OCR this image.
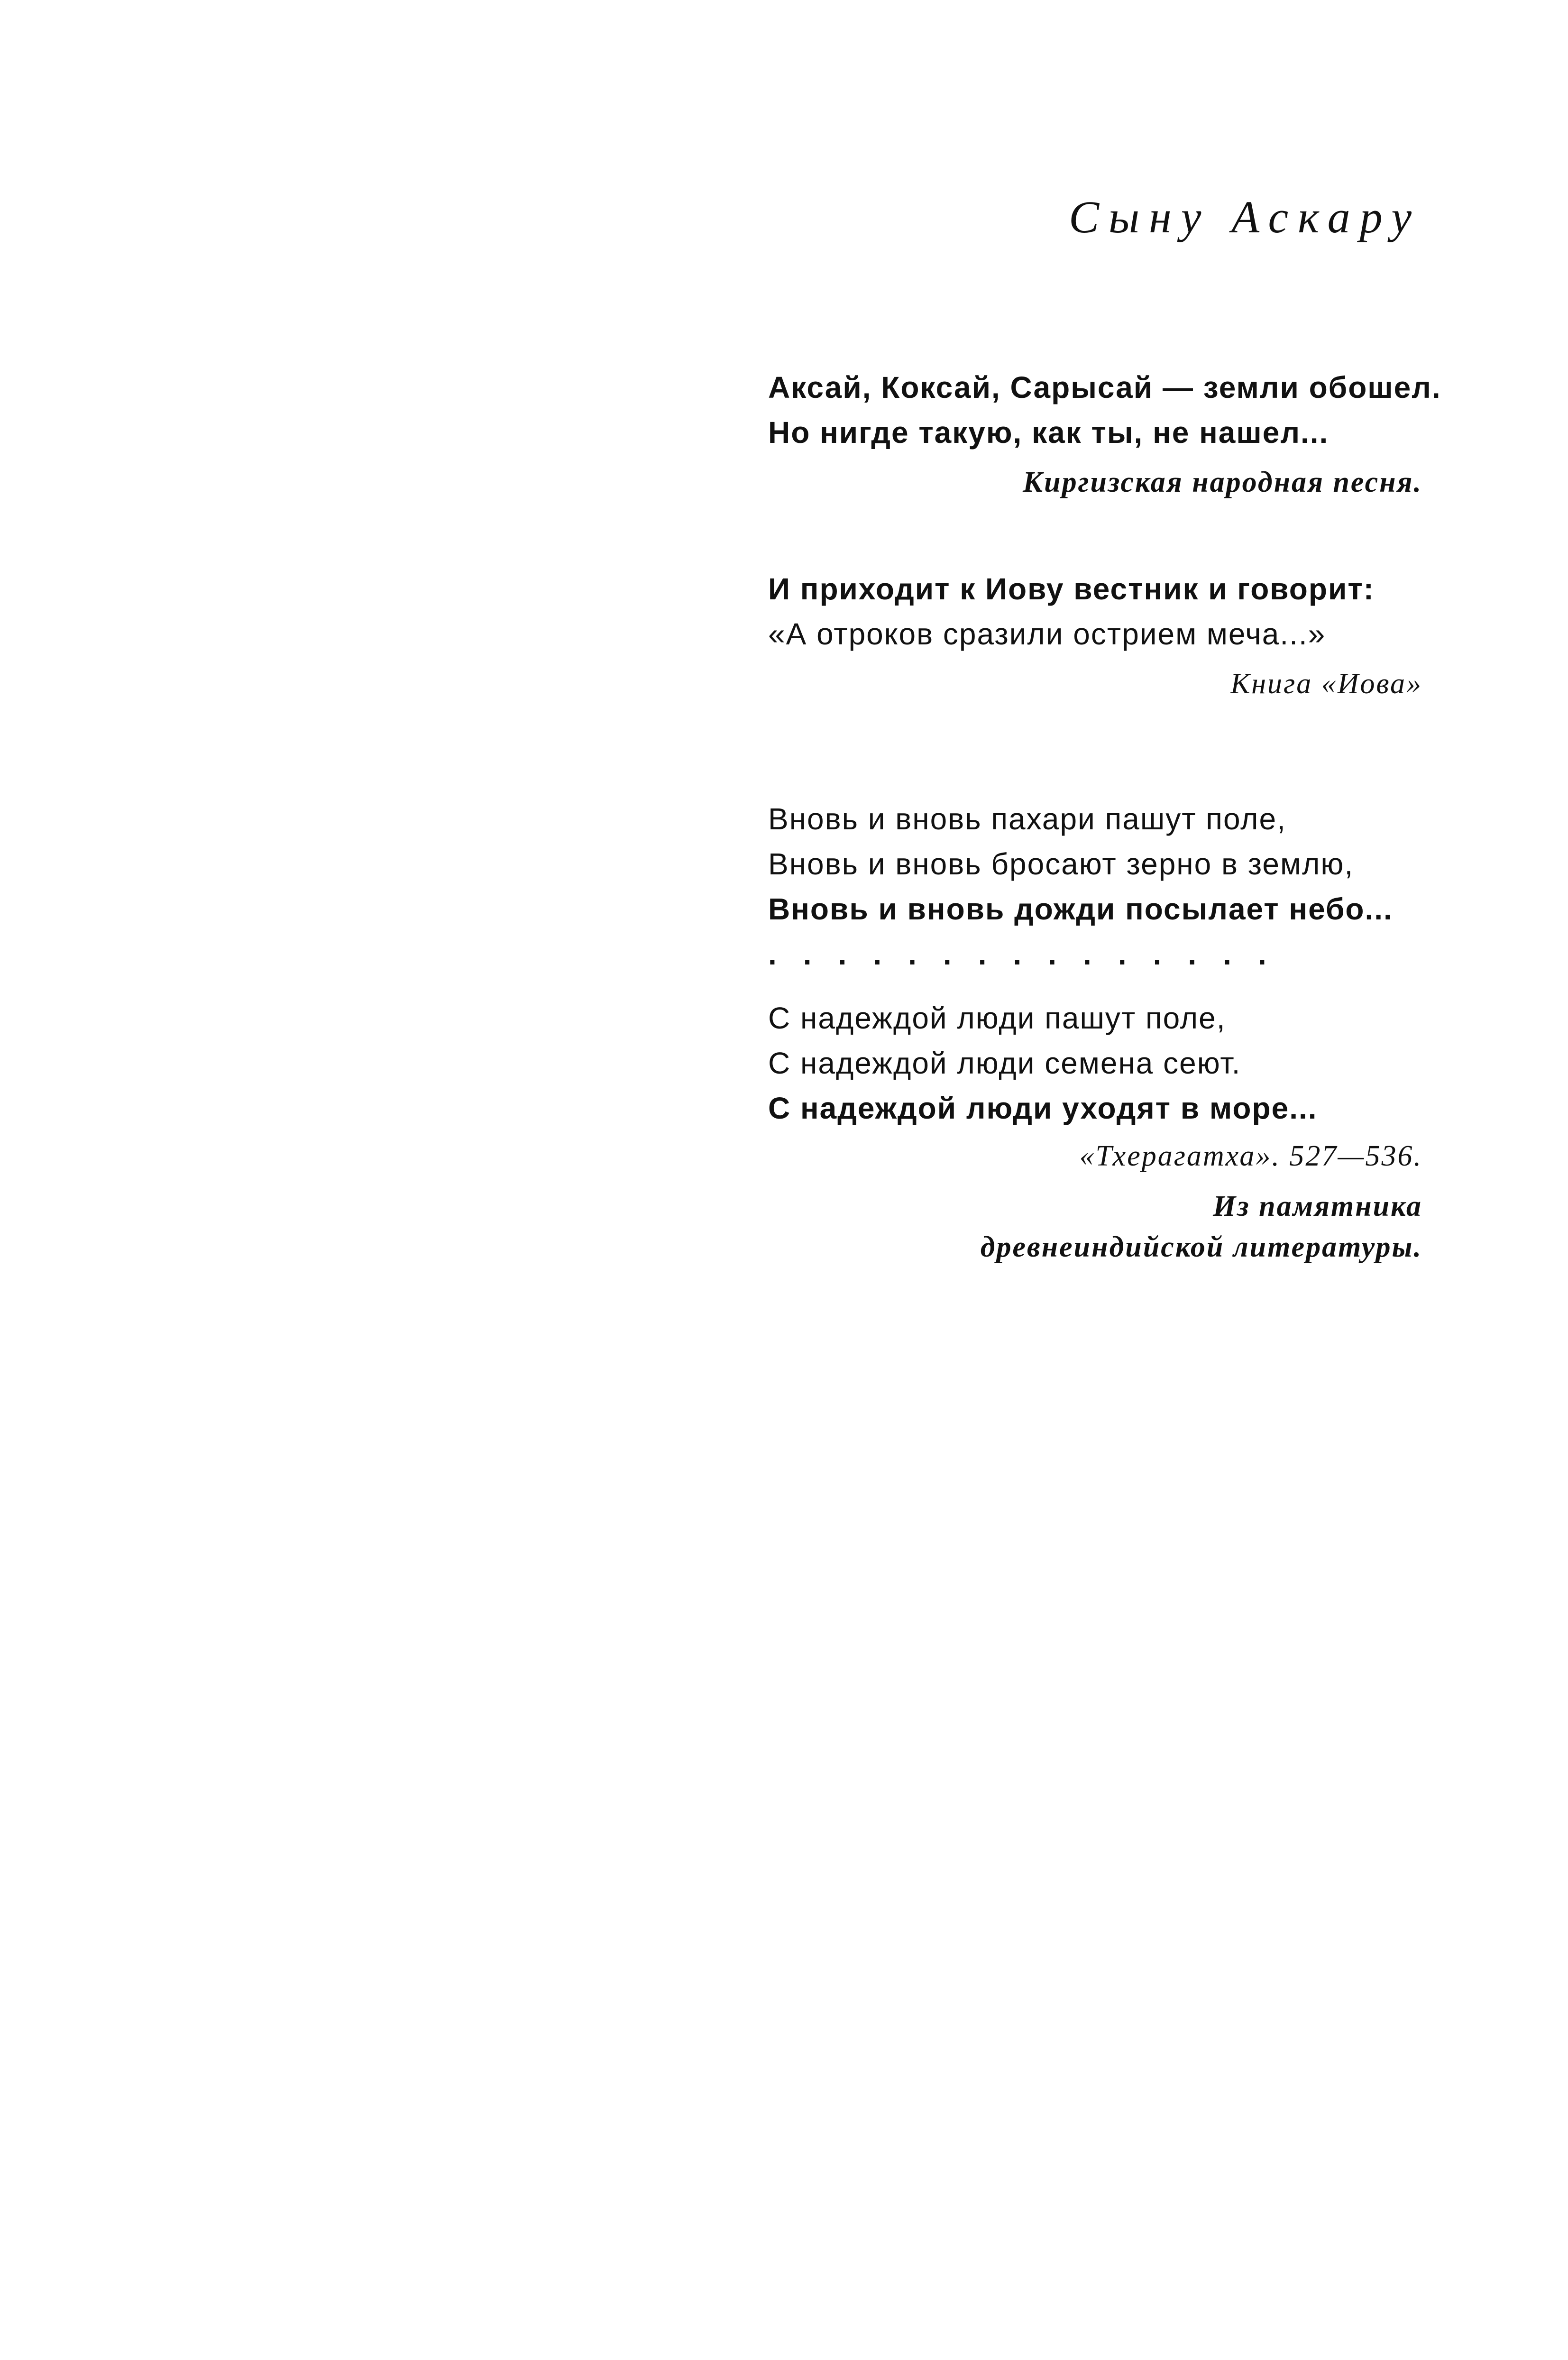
Сыну Аскару
Аксай, Коксай, Сарысай — земли обошел.
Но нигде такую, как ты, не нашел...
Киргизская народная песня.
И приходит к Иову вестник и говорит:
«А отроков сразили острием меча...»
Книга «Иова»
Вновь и вновь пахари пашут поле,
Вновь и вновь бросают зерно в землю,
Вновь и вновь дожди посылает небо...
...............
С надеждой люди пашут поле,
С надеждой люди семена сеют.
С надеждой люди уходят в море...
«Тхерагатха». 527—536.
Из памятника
древнеиндийской литературы.
